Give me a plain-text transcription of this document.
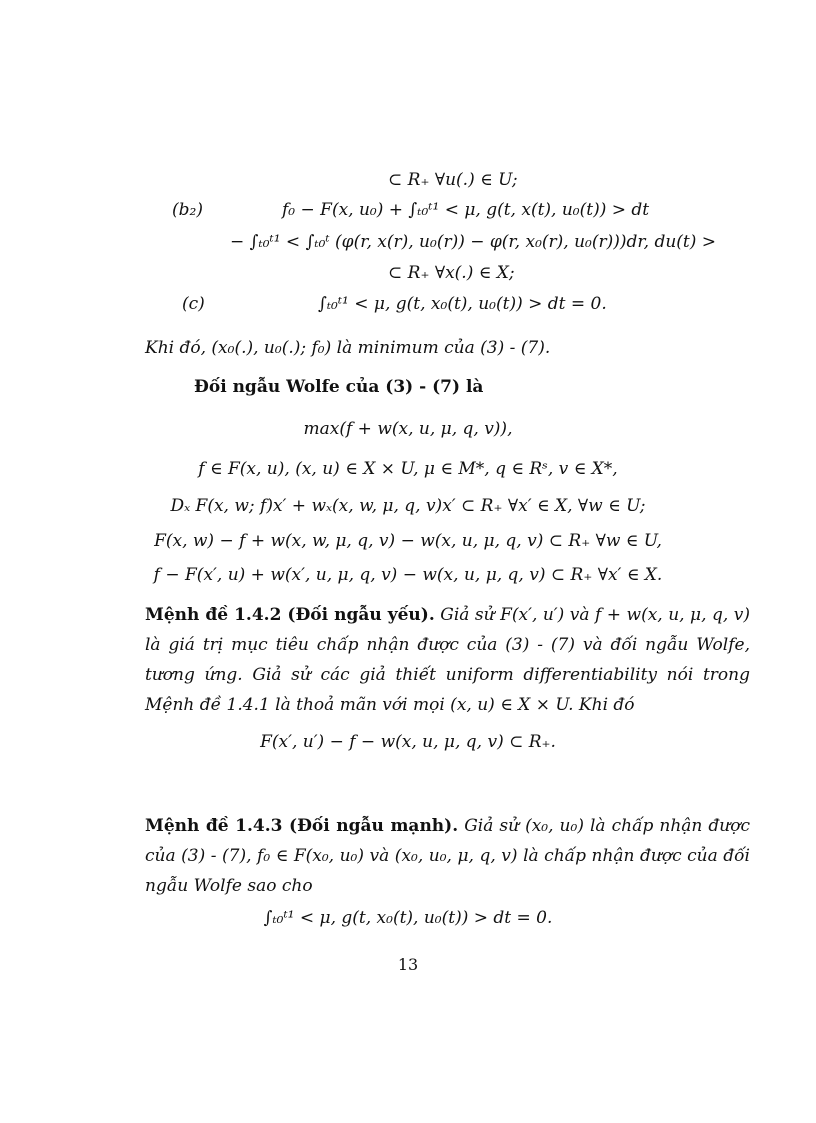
⊂ R₊ ∀u(.) ∈ U;
(b₂)	f₀ − F(x, u₀) + ∫ₜ₀ᵗ¹ < μ, g(t, x(t), u₀(t)) > dt
− ∫ₜ₀ᵗ¹ < ∫ₜ₀ᵗ (φ(r, x(r), u₀(r)) − φ(r, x₀(r), u₀(r)))dr, du(t) >
⊂ R₊ ∀x(.) ∈ X;
(c)	∫ₜ₀ᵗ¹ < μ, g(t, x₀(t), u₀(t)) > dt = 0.
Khi đó, (x₀(.), u₀(.); f₀) là minimum của (3) - (7).
Đối ngẫu Wolfe của (3) - (7) là
max(f + w(x, u, μ, q, v)),
f ∈ F(x, u), (x, u) ∈ X × U, μ ∈ M*, q ∈ Rˢ, v ∈ X*,
Dₓ F(x, w; f)x′ + wₓ(x, w, μ, q, v)x′ ⊂ R₊ ∀x′ ∈ X, ∀w ∈ U;
F(x, w) − f + w(x, w, μ, q, v) − w(x, u, μ, q, v) ⊂ R₊ ∀w ∈ U,
f − F(x′, u) + w(x′, u, μ, q, v) − w(x, u, μ, q, v) ⊂ R₊ ∀x′ ∈ X.
Mệnh đề 1.4.2 (Đối ngẫu yếu). Giả sử F(x′, u′) và f + w(x, u, μ, q, v) là giá trị mục tiêu chấp nhận được của (3) - (7) và đối ngẫu Wolfe, tương ứng. Giả sử các giả thiết uniform differentiability nói trong Mệnh đề 1.4.1 là thoả mãn với mọi (x, u) ∈ X × U. Khi đó
F(x′, u′) − f − w(x, u, μ, q, v) ⊂ R₊.
Mệnh đề 1.4.3 (Đối ngẫu mạnh). Giả sử (x₀, u₀) là chấp nhận được của (3) - (7), f₀ ∈ F(x₀, u₀) và (x₀, u₀, μ, q, v) là chấp nhận được của đối ngẫu Wolfe sao cho
∫ₜ₀ᵗ¹ < μ, g(t, x₀(t), u₀(t)) > dt = 0.
13
